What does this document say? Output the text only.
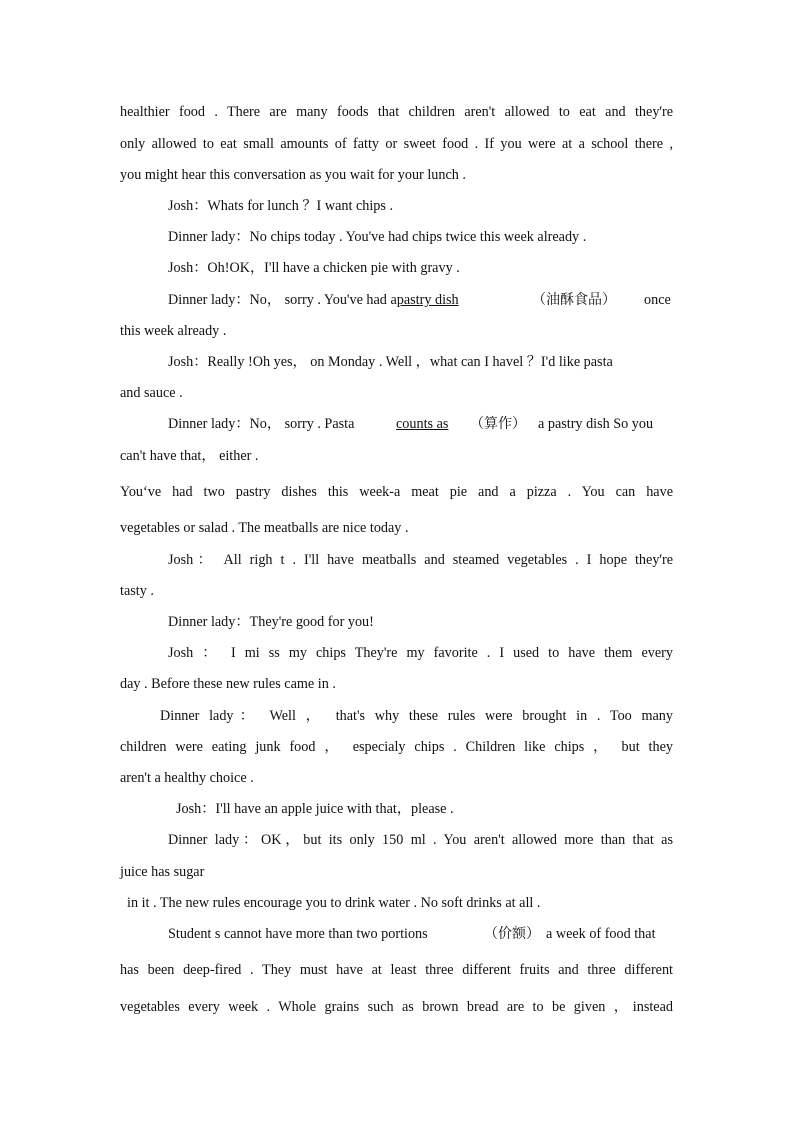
healthier food . There are many foods that children aren't allowed to eat and they're
only allowed to eat small amounts of fatty or sweet food . If you were at a school there ,
you might hear this conversation as you wait for your lunch .
Josh：Whats for lunch ？I want chips .
Dinner lady：No chips today . You've had chips twice this week already .
Josh：Oh!OK，I'll have a chicken pie with gravy .
Dinner lady：No， sorry . You've had apastry dish	（油酥食品） once
this week already .
Josh：Really !Oh yes， on Monday . Well ，what can I havel ？I'd like pasta
and sauce .
Dinner lady：No， sorry . Pasta	counts as （算作） a pastry dish So you
can't have that， either .
You‘ve had two pastry dishes this week-a meat pie and a pizza . You can have
vegetables or salad . The meatballs are nice today .
Josh： All righ t . I'll have meatballs and steamed vegetables . I hope they're
tasty .
Dinner lady：They're good for you!
Josh ： I mi ss my chips They're my favorite . I used to have them every
day . Before these new rules came in .
Dinner lady： Well ， that's why these rules were brought in . Too many
children were eating junk food ， especialy chips . Children like chips ， but they
aren't a healthy choice .
Josh：I'll have an apple juice with that，please .
Dinner lady：OK，but its only 150 ml . You aren't allowed more than that as
juice has sugar
in it . The new rules encourage you to drink water . No soft drinks at all .
Student s cannot have more than two portions	（价额） a week of food that
has been deep-fired . They must have at least three different fruits and three different
vegetables every week . Whole grains such as brown bread are to be given ，instead
